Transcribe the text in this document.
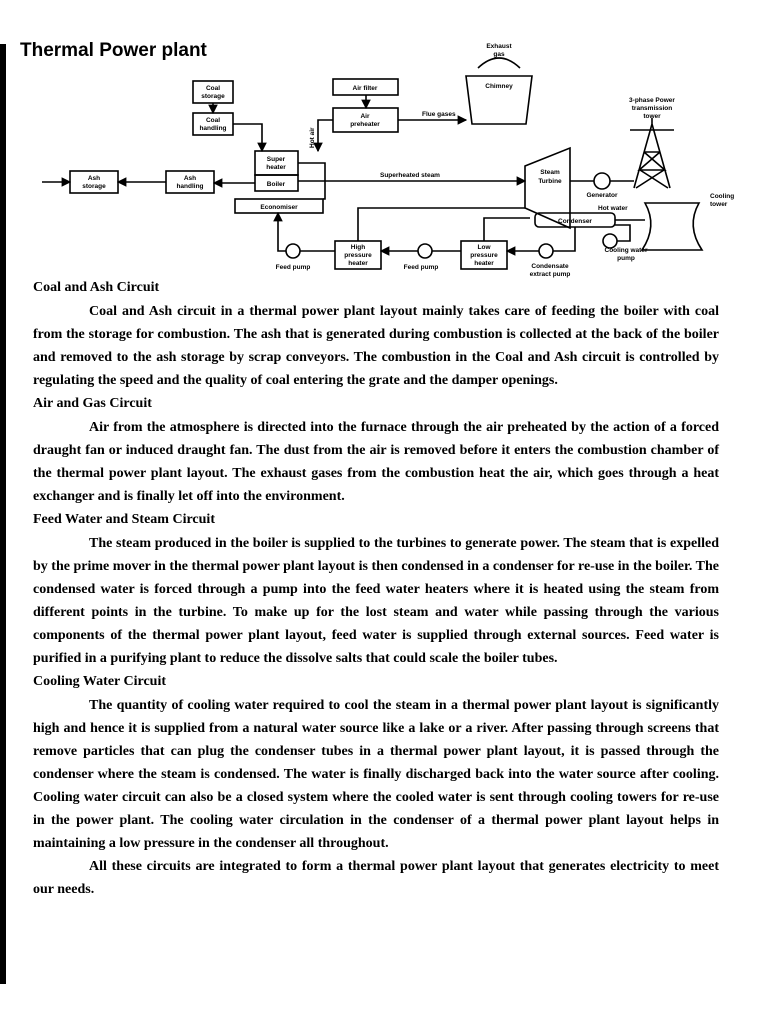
Thermal Power plant
Coal
storage
Coal
handling
Ash
storage
Ash
handling
Super
heater
Boiler
Economiser
Air filter
Air
preheater
Hot air
Flue gases
Exhaust
gas
Chimney
Superheated steam	Steam
Turbine
Generator
3-phase Power
transmission
tower
Hot water
Cooling
tower
Condenser
Cooling water
pump
High
pressure
heater
Low
pressure
heater
Feed pump	Feed pump	Condensate
extract pump
Coal and Ash Circuit

Coal and Ash circuit in a thermal power plant layout mainly takes care of feeding the boiler with coal from the storage for combustion. The ash that is generated during combustion is collected at the back of the boiler and removed to the ash storage by scrap conveyors. The combustion in the Coal and Ash circuit is controlled by regulating the speed and the quality of coal entering the grate and the damper openings.

Air and Gas Circuit

Air from the atmosphere is directed into the furnace through the air preheated by the action of a forced draught fan or induced draught fan. The dust from the air is removed before it enters the combustion chamber of the thermal power plant layout. The exhaust gases from the combustion heat the air, which goes through a heat exchanger and is finally let off into the environment.

Feed Water and Steam Circuit

The steam produced in the boiler is supplied to the turbines to generate power. The steam that is expelled by the prime mover in the thermal power plant layout is then condensed in a condenser for re-use in the boiler. The condensed water is forced through a pump into the feed water heaters where it is heated using the steam from different points in the turbine. To make up for the lost steam and water while passing through the various components of the thermal power plant layout, feed water is supplied through external sources. Feed water is purified in a purifying plant to reduce the dissolve salts that could scale the boiler tubes.

Cooling Water Circuit

The quantity of cooling water required to cool the steam in a thermal power plant layout is significantly high and hence it is supplied from a natural water source like a lake or a river. After passing through screens that remove particles that can plug the condenser tubes in a thermal power plant layout, it is passed through the condenser where the steam is condensed. The water is finally discharged back into the water source after cooling. Cooling water circuit can also be a closed system where the cooled water is sent through cooling towers for re-use in the power plant. The cooling water circulation in the condenser of a thermal power plant layout helps in maintaining a low pressure in the condenser all throughout.

All these circuits are integrated to form a thermal power plant layout that generates electricity to meet our needs.
